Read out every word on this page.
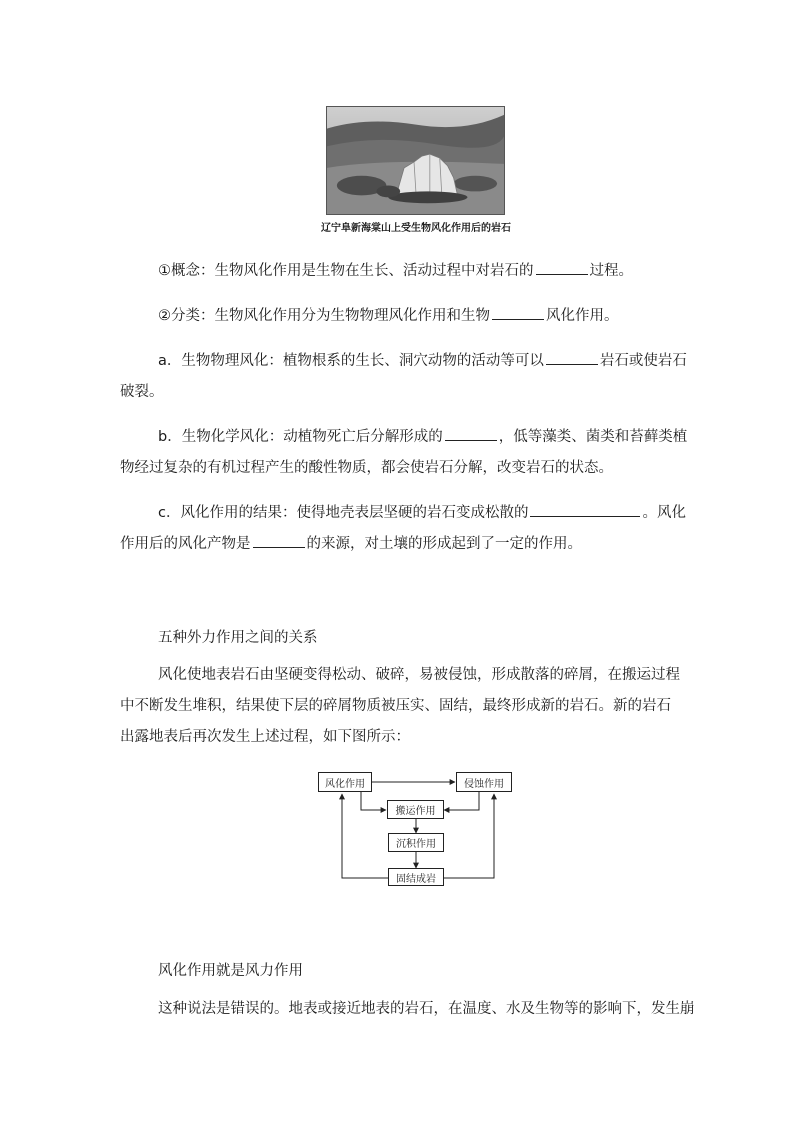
辽宁阜新海棠山上受生物风化作用后的岩石

①概念：生物风化作用是生物在生长、活动过程中对岩石的	过程。

②分类：生物风化作用分为生物物理风化作用和生物	风化作用。

a．生物物理风化：植物根系的生长、洞穴动物的活动等可以	岩石或使岩石

破裂。

b．生物化学风化：动植物死亡后分解形成的	，低等藻类、菌类和苔藓类植

物经过复杂的有机过程产生的酸性物质，都会使岩石分解，改变岩石的状态。

c．风化作用的结果：使得地壳表层坚硬的岩石变成松散的	。风化

作用后的风化产物是	的来源，对土壤的形成起到了一定的作用。

五种外力作用之间的关系

风化使地表岩石由坚硬变得松动、破碎，易被侵蚀，形成散落的碎屑，在搬运过程中不断发生堆积，结果使下层的碎屑物质被压实、固结，最终形成新的岩石。新的岩石出露地表后再次发生上述过程，如下图所示：

风化作用	侵蚀作用
搬运作用
沉积作用
固结成岩
风化作用就是风力作用

这种说法是错误的。地表或接近地表的岩石，在温度、水及生物等的影响下，发生崩
